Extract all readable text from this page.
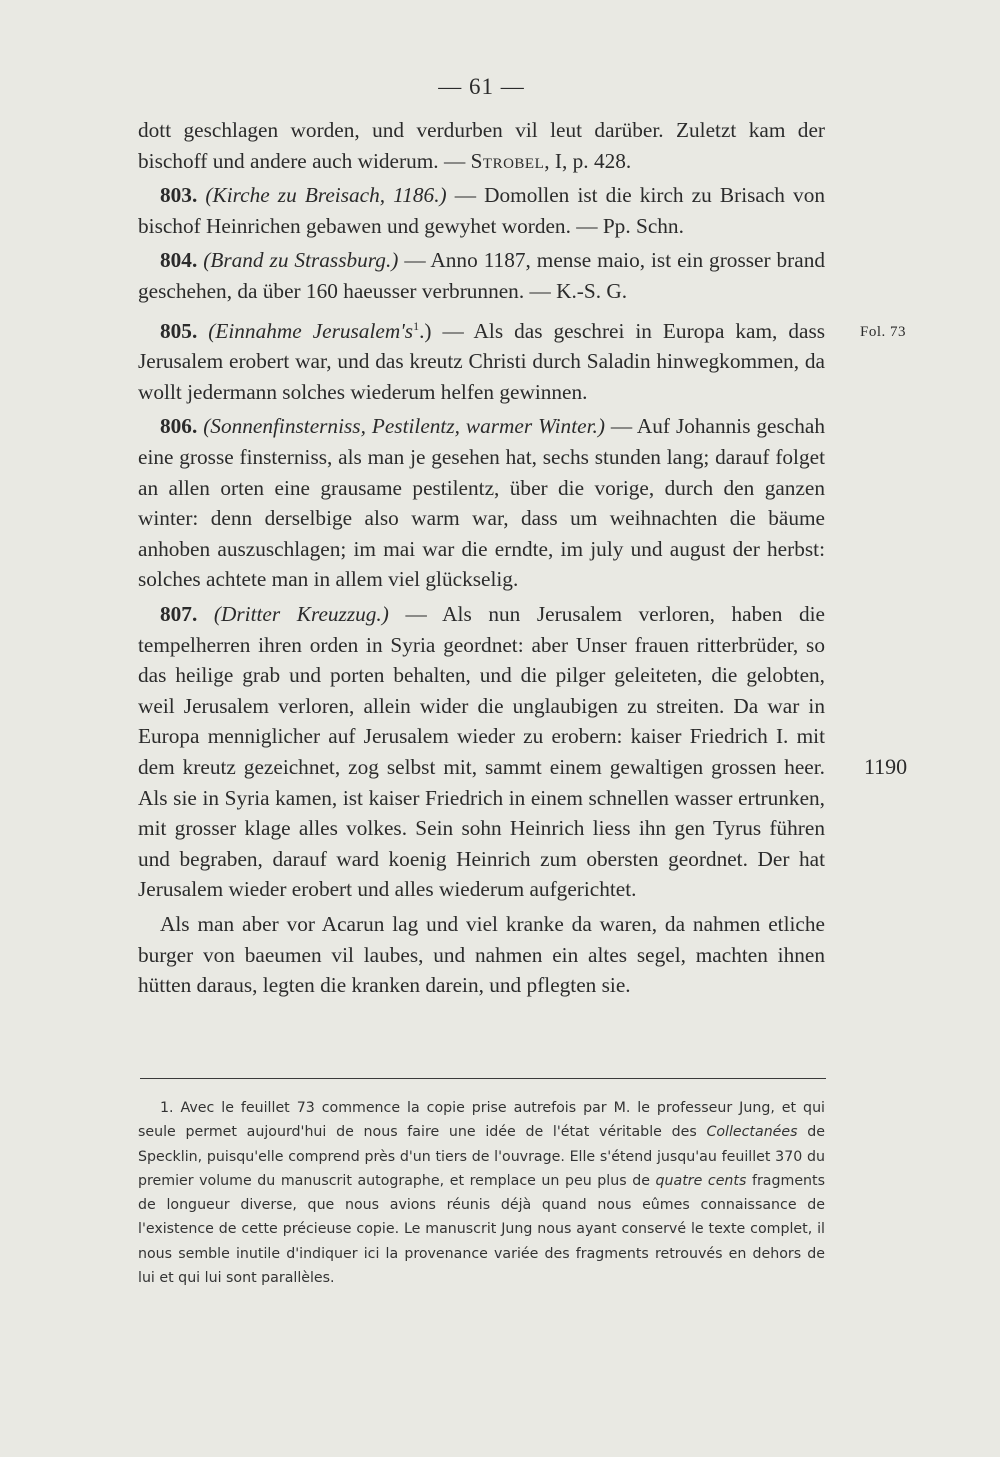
— 61 —

dott geschlagen worden, und verdurben vil leut darüber. Zuletzt kam der bischoff und andere auch widerum. — Strobel, I, p. 428.

803. (Kirche zu Breisach, 1186.) — Domollen ist die kirch zu Brisach von bischof Heinrichen gebawen und gewyhet worden. — Pp. Schn.

804. (Brand zu Strassburg.) — Anno 1187, mense maio, ist ein grosser brand geschehen, da über 160 haeusser verbrunnen. — K.-S. G.

805. (Einnahme $Jerusalem's^1$.) — Als das geschrei in Europa kam, dass Jerusalem erobert war, und das kreutz Christi durch Saladin hinwegkommen, da wollt jedermann solches wiederum helfen gewinnen.

806. (Sonnenfinsterniss, Pestilentz, warmer Winter.) — Auf Johannis geschah eine grosse finsterniss, als man je gesehen hat, sechs stunden lang; darauf folget an allen orten eine grausame pestilentz, über die vorige, durch den ganzen winter: denn derselbige also warm war, dass um weihnachten die bäume anhoben auszuschlagen; im mai war die erndte, im july und august der herbst: solches achtete man in allem viel glückselig.

807. (Dritter Kreuzzug.) — Als nun Jerusalem verloren, haben die tempelherren ihren orden in Syria geordnet: aber Unser frauen ritterbrüder, so das heilige grab und porten behalten, und die pilger geleiteten, die gelobten, weil Jerusalem verloren, allein wider die unglaubigen zu streiten. Da war in Europa menniglicher auf Jerusalem wieder zu erobern: kaiser Friedrich I. mit dem kreutz gezeichnet, zog selbst mit, sammt einem gewaltigen grossen heer. Als sie in Syria kamen, ist kaiser Friedrich in einem schnellen wasser ertrunken, mit grosser klage alles volkes. Sein sohn Heinrich liess ihn gen Tyrus führen und begraben, darauf ward koenig Heinrich zum obersten geordnet. Der hat Jerusalem wieder erobert und alles wiederum aufgerichtet.

Als man aber vor Acarun lag und viel kranke da waren, da nahmen etliche burger von baeumen vil laubes, und nahmen ein altes segel, machten ihnen hütten daraus, legten die kranken darein, und pflegten sie.

Fol. 73
1190
1. Avec le feuillet 73 commence la copie prise autrefois par M. le professeur Jung, et qui seule permet aujourd'hui de nous faire une idée de l'état véritable des Collectanées de Specklin, puisqu'elle comprend près d'un tiers de l'ouvrage. Elle s'étend jusqu'au feuillet 370 du premier volume du manuscrit autographe, et remplace un peu plus de quatre cents fragments de longueur diverse, que nous avions réunis déjà quand nous eûmes connaissance de l'existence de cette précieuse copie. Le manuscrit Jung nous ayant conservé le texte complet, il nous semble inutile d'indiquer ici la provenance variée des fragments retrouvés en dehors de lui et qui lui sont parallèles.
